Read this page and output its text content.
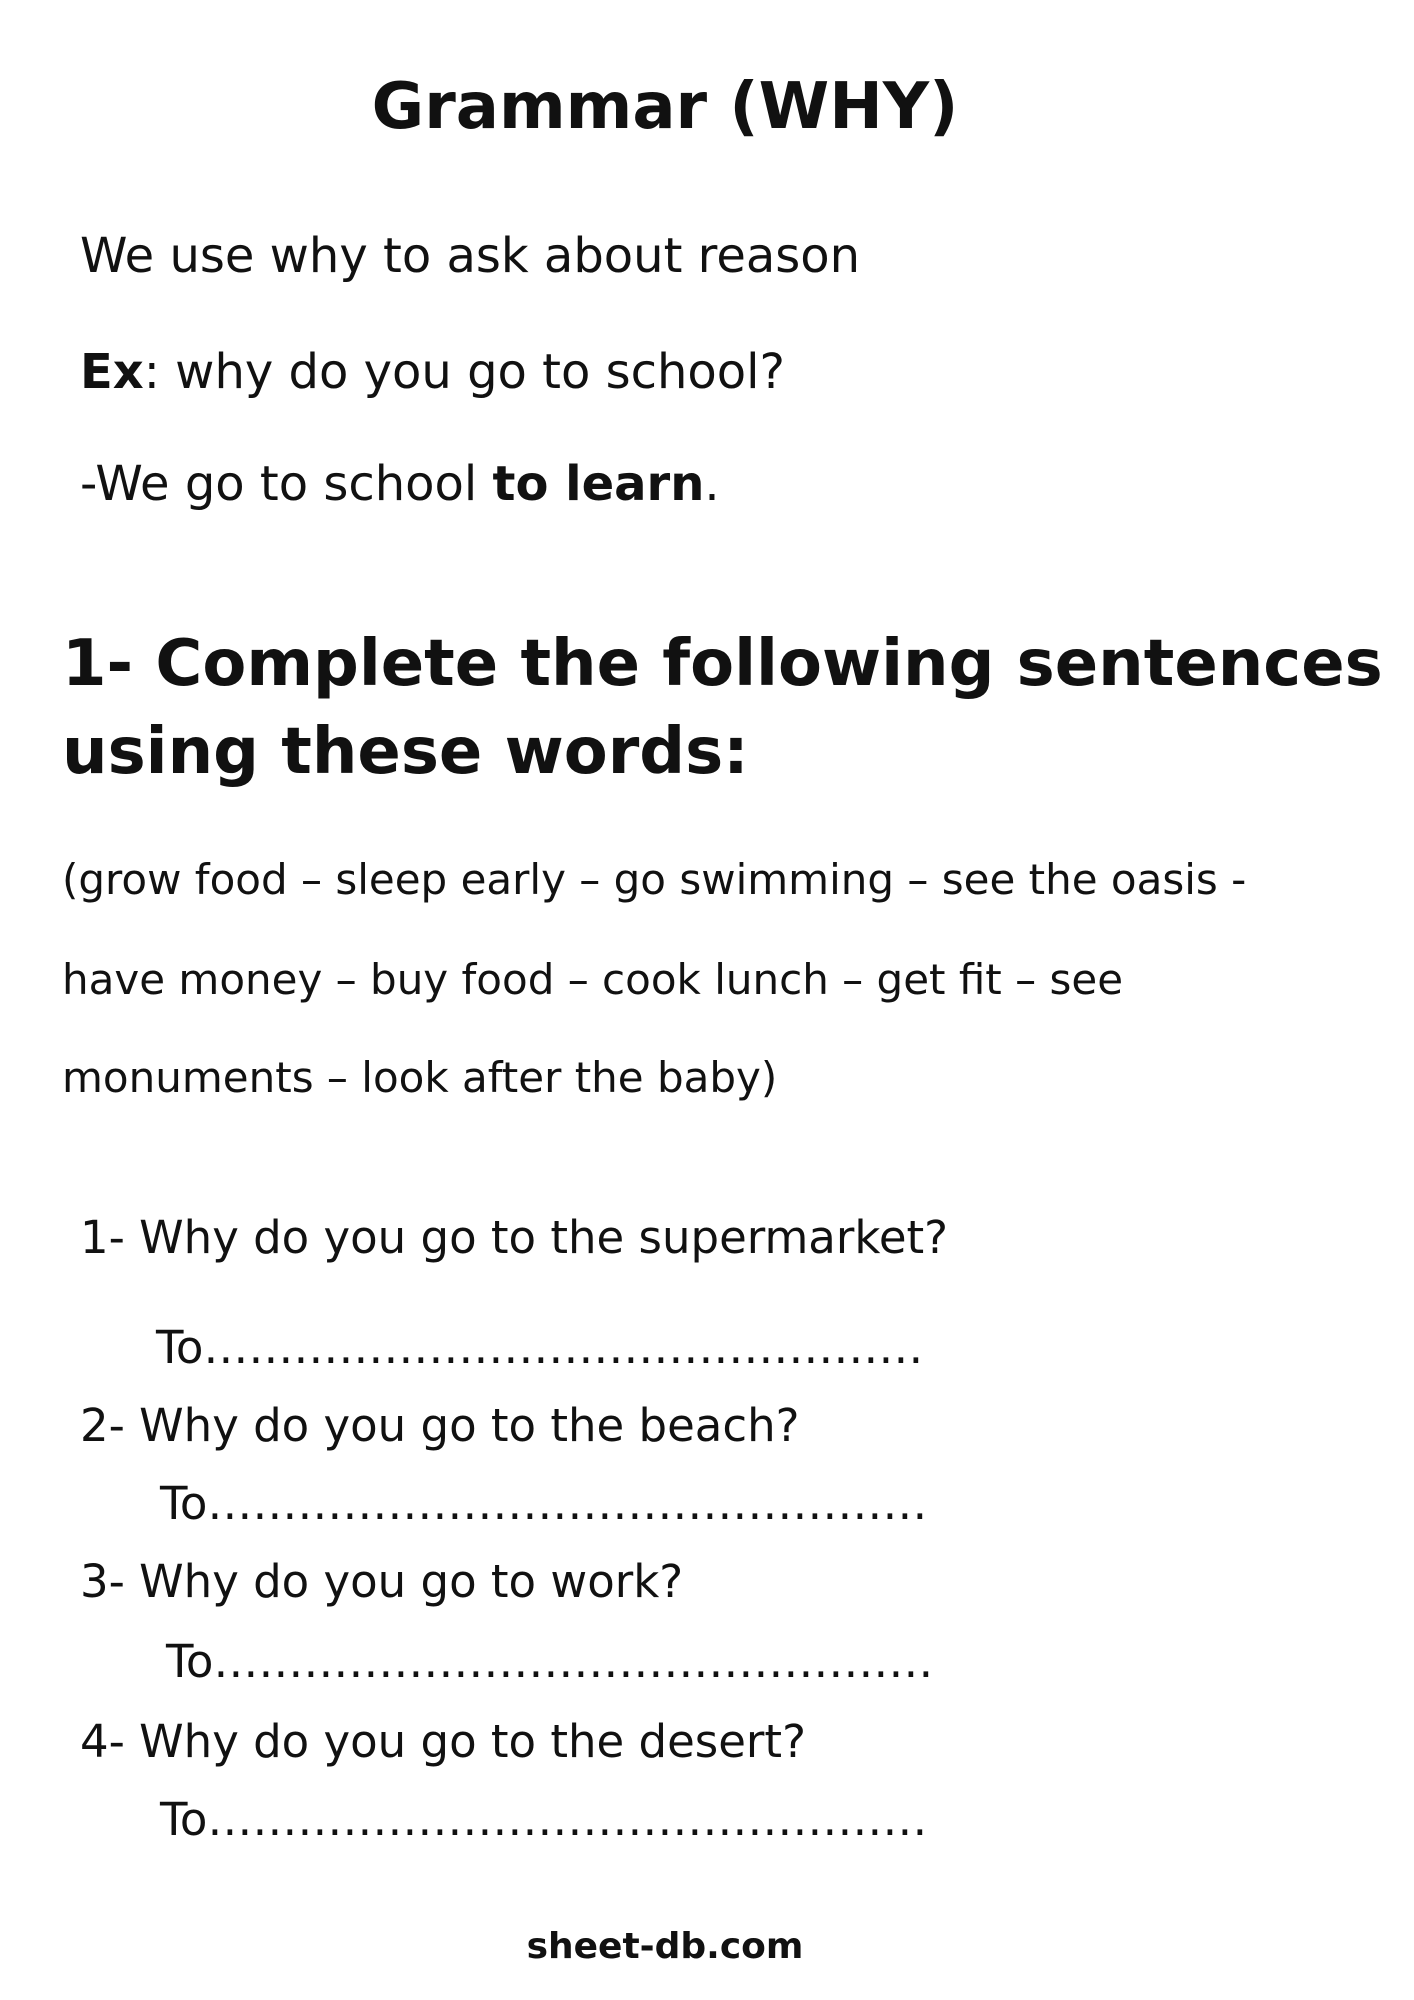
Grammar (WHY)
We use why to ask about reason
Ex: why do you go to school?
-We go to school to learn.
1- Complete the following sentences
using these words:
(grow food – sleep early – go swimming – see the oasis -
have money – buy food – cook lunch – get fit – see
monuments – look after the baby)
1- Why do you go to the supermarket?
To…………………………………………
2- Why do you go to the beach?
To…………………………………………
3- Why do you go to work?
To…………………………………………
4- Why do you go to the desert?
To…………………………………………
sheet-db.com
